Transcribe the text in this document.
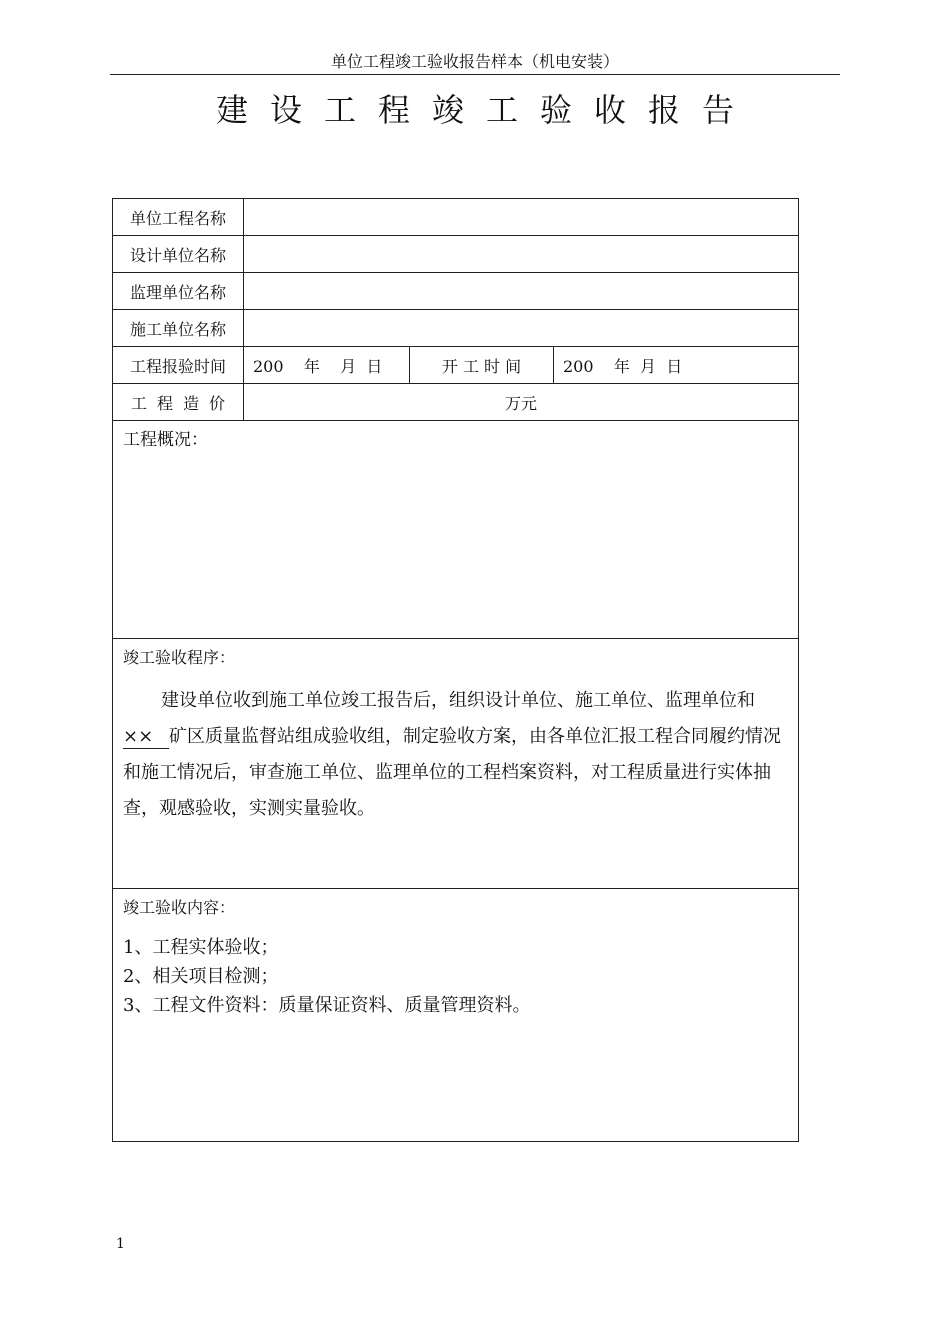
单位工程竣工验收报告样本（机电安装）
建设工程竣工验收报告
单位工程名称			
设计单位名称			
监理单位名称			
施工单位名称			
工程报验时间	200    年    月  日	开 工 时 间	200    年  月  日
工程造价	万元		

工程概况：			

竣工验收程序：
建设单位收到施工单位竣工报告后，组织设计单位、施工单位、监理单位和×× 矿区质量监督站组成验收组，制定验收方案，由各单位汇报工程合同履约情况和施工情况后，审查施工单位、监理单位的工程档案资料，对工程质量进行实体抽查，观感验收，实测实量验收。			

竣工验收内容：
1、工程实体验收；
2、相关项目检测；
3、工程文件资料：质量保证资料、质量管理资料。			
1
